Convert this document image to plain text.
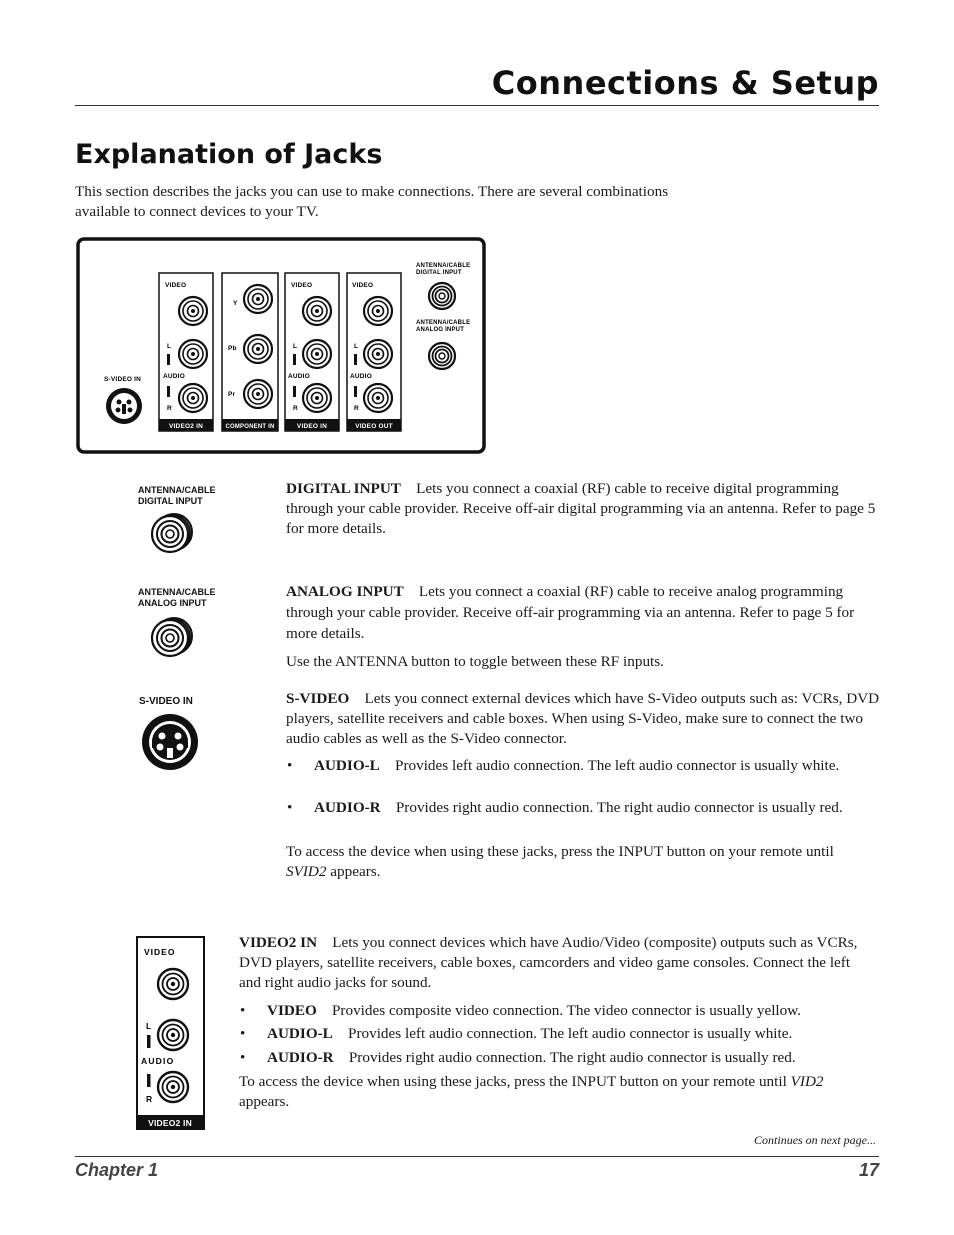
Connections & Setup
Explanation of Jacks
This section describes the jacks you can use to make connections. There are several combinations available to connect devices to your TV.
S-VIDEO IN
VIDEO
L
AUDIO
R
VIDEO2 IN
Y
Pb
Pr
COMPONENT IN
VIDEO
L
AUDIO
R
VIDEO IN
VIDEO
L
AUDIO
R
VIDEO OUT
ANTENNA/CABLE
DIGITAL INPUT
ANTENNA/CABLE
ANALOG INPUT
ANTENNA/CABLE
DIGITAL INPUT
DIGITAL INPUT Lets you connect a coaxial (RF) cable to receive digital programming through your cable provider. Receive off-air digital programming via an antenna. Refer to page 5 for more details.
ANTENNA/CABLE
ANALOG INPUT
ANALOG INPUT Lets you connect a coaxial (RF) cable to receive analog programming through your cable provider. Receive off-air programming via an antenna. Refer to page 5 for more details.
Use the ANTENNA button to toggle between these RF inputs.
S-VIDEO IN	S-VIDEO Lets you connect external devices which have S-Video outputs such as: VCRs, DVD players, satellite receivers and cable boxes. When using S-Video, make sure to connect the two audio cables as well as the S-Video connector.
• AUDIO-L Provides left audio connection. The left audio connector is usually white.
• AUDIO-R Provides right audio connection. The right audio connector is usually red.
To access the device when using these jacks, press the INPUT button on your remote until SVID2 appears.
VIDEO
L
AUDIO
R
VIDEO2 IN
VIDEO2 IN Lets you connect devices which have Audio/Video (composite) outputs such as VCRs, DVD players, satellite receivers, cable boxes, camcorders and video game consoles. Connect the left and right audio jacks for sound.
• VIDEO Provides composite video connection. The video connector is usually yellow.
• AUDIO-L Provides left audio connection. The left audio connector is usually white.
• AUDIO-R Provides right audio connection. The right audio connector is usually red.
To access the device when using these jacks, press the INPUT button on your remote until VID2 appears.
Continues on next page...
Chapter 1	17
